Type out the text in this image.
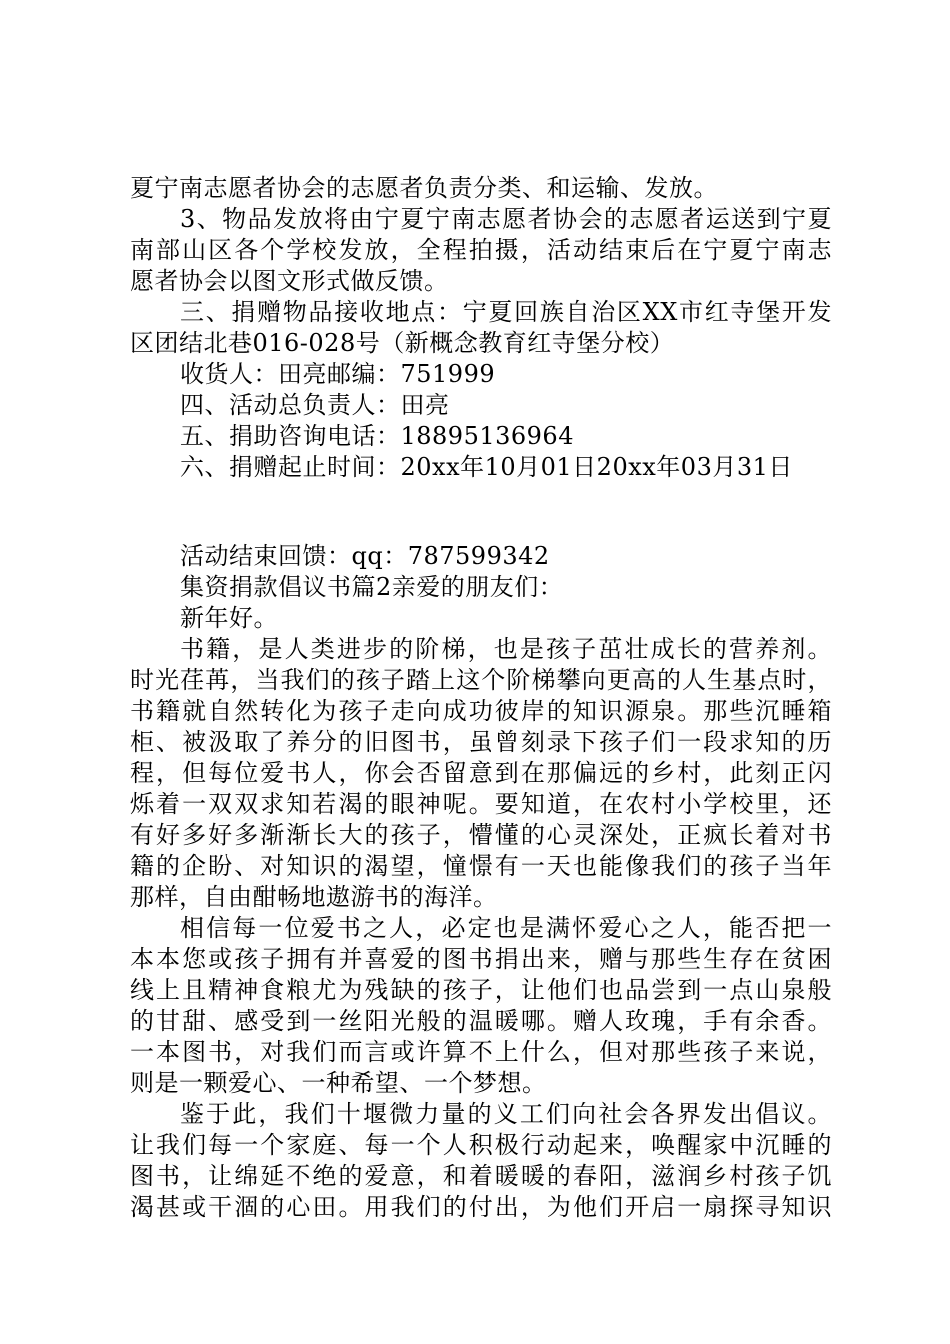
夏宁南志愿者协会的志愿者负责分类、和运输、发放。
3、物品发放将由宁夏宁南志愿者协会的志愿者运送到宁夏
南部山区各个学校发放，全程拍摄，活动结束后在宁夏宁南志
愿者协会以图文形式做反馈。
三、捐赠物品接收地点：宁夏回族自治区XX市红寺堡开发
区团结北巷016-028号（新概念教育红寺堡分校）
收货人：田亮邮编：751999
四、活动总负责人：田亮
五、捐助咨询电话：18895136964
六、捐赠起止时间：20xx年10月01日20xx年03月31日
活动结束回馈：qq：787599342
集资捐款倡议书篇2亲爱的朋友们：
新年好。
书籍，是人类进步的阶梯，也是孩子茁壮成长的营养剂。
时光荏苒，当我们的孩子踏上这个阶梯攀向更高的人生基点时，
书籍就自然转化为孩子走向成功彼岸的知识源泉。那些沉睡箱
柜、被汲取了养分的旧图书，虽曾刻录下孩子们一段求知的历
程，但每位爱书人，你会否留意到在那偏远的乡村，此刻正闪
烁着一双双求知若渴的眼神呢。要知道，在农村小学校里，还
有好多好多渐渐长大的孩子，懵懂的心灵深处，正疯长着对书
籍的企盼、对知识的渴望，憧憬有一天也能像我们的孩子当年
那样，自由酣畅地遨游书的海洋。
相信每一位爱书之人，必定也是满怀爱心之人，能否把一
本本您或孩子拥有并喜爱的图书捐出来，赠与那些生存在贫困
线上且精神食粮尤为残缺的孩子，让他们也品尝到一点山泉般
的甘甜、感受到一丝阳光般的温暖哪。赠人玫瑰，手有余香。
一本图书，对我们而言或许算不上什么，但对那些孩子来说，
则是一颗爱心、一种希望、一个梦想。
鉴于此，我们十堰微力量的义工们向社会各界发出倡议。
让我们每一个家庭、每一个人积极行动起来，唤醒家中沉睡的
图书，让绵延不绝的爱意，和着暖暖的春阳，滋润乡村孩子饥
渴甚或干涸的心田。用我们的付出，为他们开启一扇探寻知识
